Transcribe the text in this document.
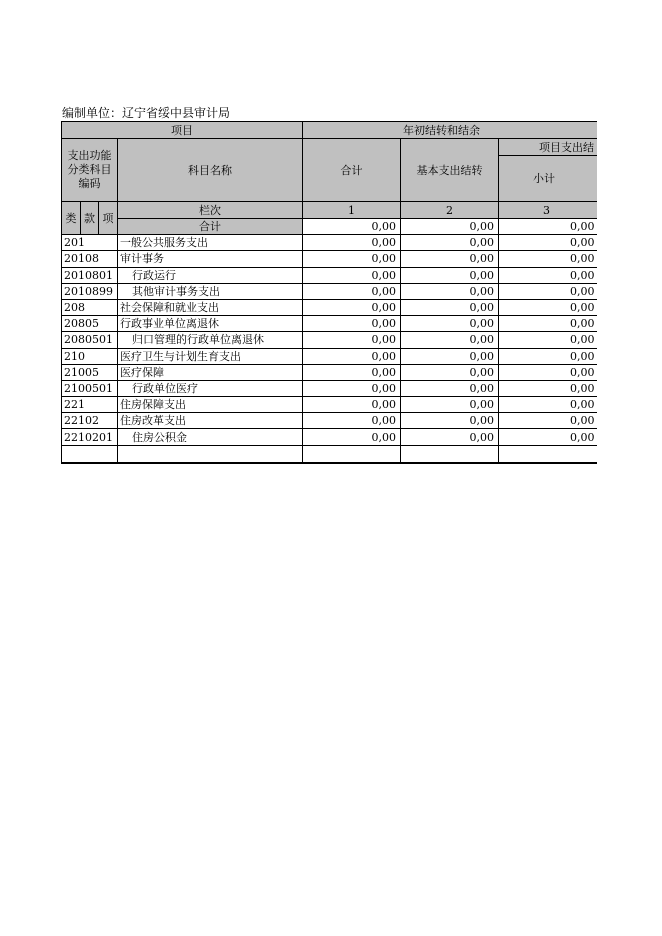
编制单位：辽宁省绥中县审计局
项目				年初结转和结余		
支出功能分类科目编码			科目名称	合计	基本支出结转	项目支出结
						小计
类	款	项	栏次	1	2	3
			合计	0,00	0,00	0,00
201			一般公共服务支出	0,00	0,00	0,00
20108			审计事务	0,00	0,00	0,00
2010801			行政运行	0,00	0,00	0,00
2010899			其他审计事务支出	0,00	0,00	0,00
208			社会保障和就业支出	0,00	0,00	0,00
20805			行政事业单位离退休	0,00	0,00	0,00
2080501			归口管理的行政单位离退休	0,00	0,00	0,00
210			医疗卫生与计划生育支出	0,00	0,00	0,00
21005			医疗保障	0,00	0,00	0,00
2100501			行政单位医疗	0,00	0,00	0,00
221			住房保障支出	0,00	0,00	0,00
22102			住房改革支出	0,00	0,00	0,00
2210201			住房公积金	0,00	0,00	0,00
